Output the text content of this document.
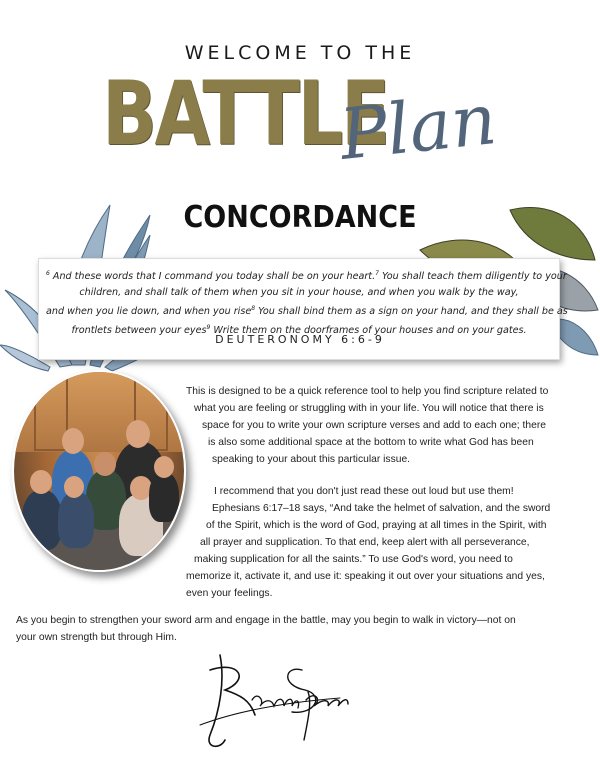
WELCOME TO THE
BATTLE
Plan
CONCORDANCE
$^6$ And these words that I command you today shall be on your heart.$^7$ You shall teach them diligently to your
children, and shall talk of them when you sit in your house, and when you walk by the way,
and when you lie down, and when you rise$^8$ You shall bind them as a sign on your hand, and they shall be as
frontlets between your eyes$^9$ Write them on the doorframes of your houses and on your gates.
DEUTERONOMY 6:6-9
This is designed to be a quick reference tool to help you find scripture related to
what you are feeling or struggling with in your life. You will notice that there is
space for you to write your own scripture verses and add to each one; there
is also some additional space at the bottom to write what God has been
speaking to your about this particular issue.
I recommend that you don't just read these out loud but use them!
Ephesians 6:17–18 says, “And take the helmet of salvation, and the sword
of the Spirit, which is the word of God, praying at all times in the Spirit, with
all prayer and supplication. To that end, keep alert with all perseverance,
making supplication for all the saints.” To use God's word, you need to
memorize it, activate it, and use it: speaking it out over your situations and yes,
even your feelings.
As you begin to strengthen your sword arm and engage in the battle, may you begin to walk in victory—not on
your own strength but through Him.
